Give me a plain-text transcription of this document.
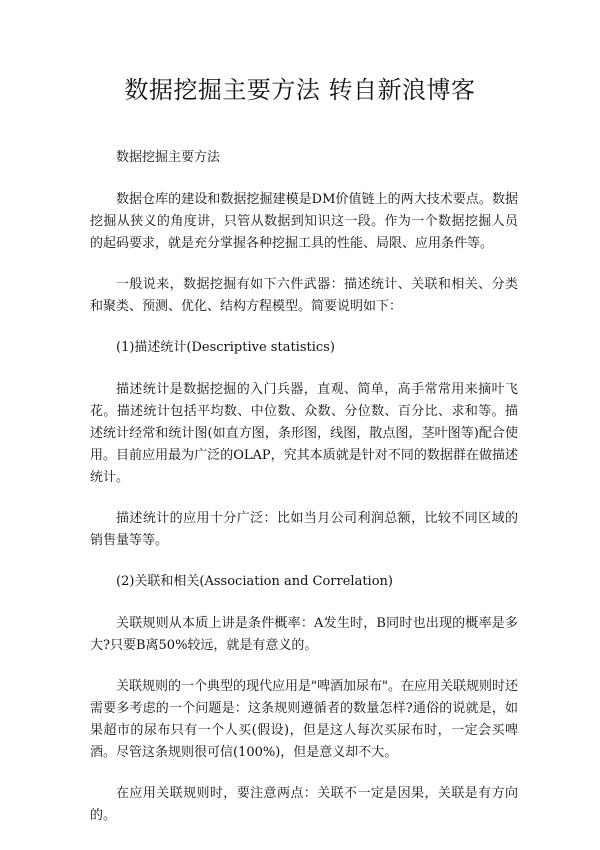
数据挖掘主要方法 转自新浪博客

数据挖掘主要方法

数据仓库的建设和数据挖掘建模是DM价值链上的两大技术要点。数据挖掘从狭义的角度讲，只管从数据到知识这一段。作为一个数据挖掘人员的起码要求，就是充分掌握各种挖掘工具的性能、局限、应用条件等。

一般说来，数据挖掘有如下六件武器：描述统计、关联和相关、分类和聚类、预测、优化、结构方程模型。简要说明如下：

(1)描述统计(Descriptive statistics)

描述统计是数据挖掘的入门兵器，直观、简单，高手常常用来摘叶飞花。描述统计包括平均数、中位数、众数、分位数、百分比、求和等。描述统计经常和统计图(如直方图，条形图，线图，散点图，茎叶图等)配合使用。目前应用最为广泛的OLAP，究其本质就是针对不同的数据群在做描述统计。

描述统计的应用十分广泛：比如当月公司利润总额，比较不同区域的销售量等等。

(2)关联和相关(Association and Correlation)

关联规则从本质上讲是条件概率：A发生时，B同时也出现的概率是多大?只要B离50%较远，就是有意义的。

关联规则的一个典型的现代应用是"啤酒加尿布"。在应用关联规则时还需要多考虑的一个问题是：这条规则遵循者的数量怎样?通俗的说就是，如果超市的尿布只有一个人买(假设)，但是这人每次买尿布时，一定会买啤酒。尽管这条规则很可信(100%)，但是意义却不大。

在应用关联规则时，要注意两点：关联不一定是因果，关联是有方向的。
